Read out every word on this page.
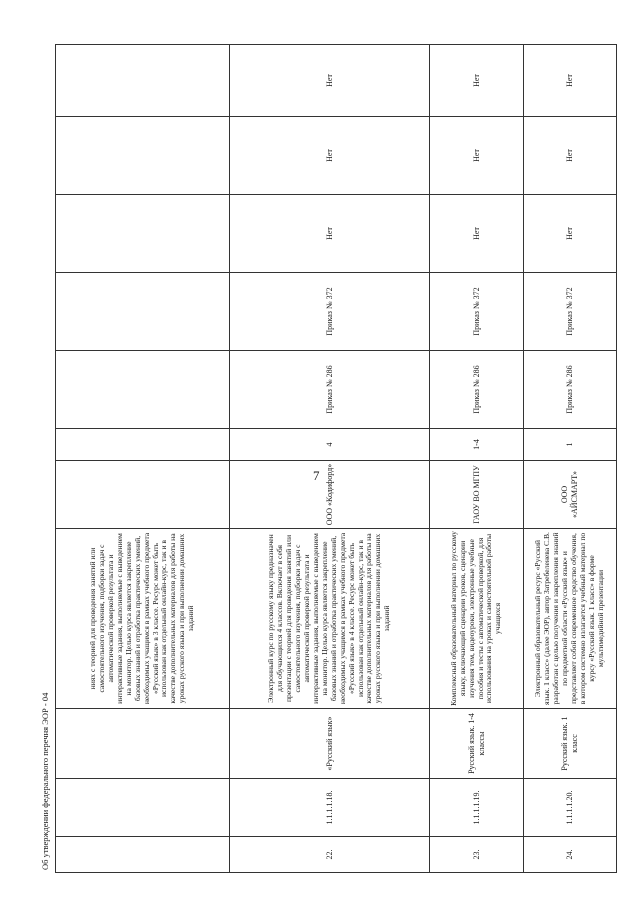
7
			ниях с теорией для проведения занятий или самостоятельного изучения, подборки задач с автоматической проверкой результата и интерактивные задания, выполняемые с выведением на монитор. Целью курса является закрепление базовых знаний и отработка практических умений, необходимых учащимся в рамках учебного предмета «Русский язык» в 3 классе. Ресурс может быть использован как отдельный онлайн-курс, так и в качестве дополнительных материалов для работы на уроках русского языка и при выполнении домашних заданий								
22.	1.1.1.1.18.	«Русский язык»	Электронный курс по русскому языку предназначен для обучающихся 4 классов. Включает в себя презентации с теорией для проведения занятий или самостоятельного изучения, подборки задач с автоматической проверкой результата и интерактивные задания, выполняемые с выведением на монитор. Целью курса является закрепление базовых знаний и отработка практических умений, необходимых учащимся в рамках учебного предмета «Русский язык» в 4 классе. Ресурс может быть использован как отдельный онлайн-курс, так и в качестве дополнительных материалов для работы на уроках русского языка и при выполнении домашних заданий	ООО «Кодифорд»	4	Приказ № 286	Приказ № 372	Нет	Нет	Нет	
23.	1.1.1.1.19.	Русский язык. 1-4 классы	Комплексный образовательный материал по русскому языку, включающий сценарии уроков, сценарии изучения тем, видеоуроки, электронные учебные пособия и тесты с автоматической проверкой, для использования на уроках и самостоятельной работы учащихся	ГАОУ ВО МГПУ	1-4	Приказ № 286	Приказ № 372	Нет	Нет	Нет	
24.	1.1.1.1.20.	Русский язык. 1 класс	Электронный образовательный ресурс «Русский язык. 1 класс» (далее ЭОР), автор Затребеленева С.В. разработан с целью получения и закрепления знаний по предметной области «Русский язык» и представляет собой современное средство обучения, в котором системно излагается учебный материал по курсу «Русский язык. 1 класс» в форме мультимедийной презентации	ООО «АЙСМАРТ»	1	Приказ № 286	Приказ № 372	Нет	Нет	Нет	
Об утверждении федерального перечня ЭОР - 04
